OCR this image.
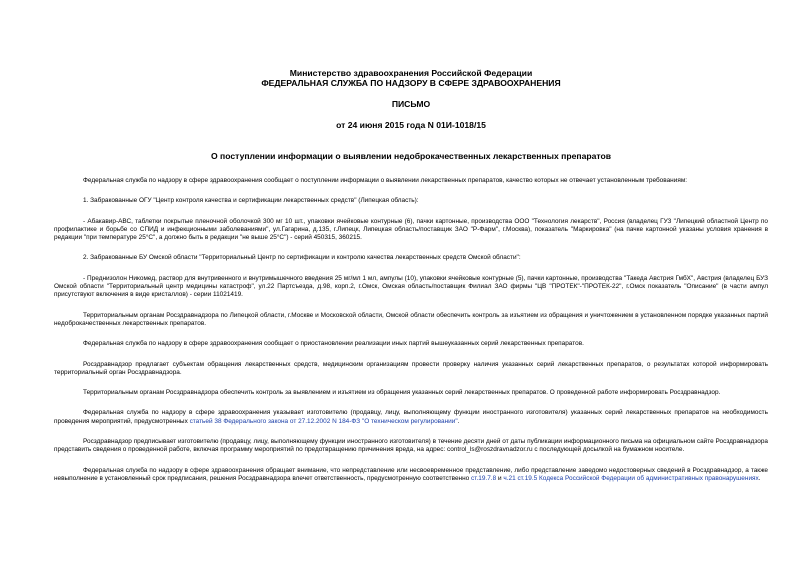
Министерство здравоохранения Российской Федерации
ФЕДЕРАЛЬНАЯ СЛУЖБА ПО НАДЗОРУ В СФЕРЕ ЗДРАВООХРАНЕНИЯ
ПИСЬМО
от 24 июня 2015 года N 01И-1018/15
О поступлении информации о выявлении недоброкачественных лекарственных препаратов

Федеральная служба по надзору в сфере здравоохранения сообщает о поступлении информации о выявлении лекарственных препаратов, качество которых не отвечает установленным требованиям:

1. Забракованные ОГУ "Центр контроля качества и сертификации лекарственных средств" (Липецкая область):

- Абакавир-АВС, таблетки покрытые пленочной оболочкой 300 мг 10 шт., упаковки ячейковые контурные (6), пачки картонные, производства ООО "Технология лекарств", Россия (владелец ГУЗ "Липецкий областной Центр по профилактике и борьбе со СПИД и инфекционными заболеваниями", ул.Гагарина, д.135, г.Липецк, Липецкая область/поставщик ЗАО "Р-Фарм", г.Москва), показатель "Маркировка" (на пачке картонной указаны условия хранения в редакции "при температуре 25°С", а должно быть в редакции "не выше 25°С") - серий 450315, 360215.

2. Забракованные БУ Омской области "Территориальный Центр по сертификации и контролю качества лекарственных средств Омской области":

- Преднизолон Никомед, раствор для внутривенного и внутримышечного введения 25 мг/мл 1 мл, ампулы (10), упаковки ячейковые контурные (5), пачки картонные, производства "Такеда Австрия ГмбХ", Австрия (владелец БУЗ Омской области "Территориальный центр медицины катастроф", ул.22 Партсъезда, д.98, корп.2, г.Омск, Омская область/поставщик Филиал ЗАО фирмы "ЦВ "ПРОТЕК"-"ПРОТЕК-22", г.Омск показатель "Описание" (в части ампул присутствуют включения в виде кристаллов) - серии 11021419.

Территориальным органам Росздравнадзора по Липецкой области, г.Москве и Московской области, Омской области обеспечить контроль за изъятием из обращения и уничтожением в установленном порядке указанных партий недоброкачественных лекарственных препаратов.

Федеральная служба по надзору в сфере здравоохранения сообщает о приостановлении реализации иных партий вышеуказанных серий лекарственных препаратов.

Росздравнадзор предлагает субъектам обращения лекарственных средств, медицинским организациям провести проверку наличия указанных серий лекарственных препаратов, о результатах которой информировать территориальный орган Росздравнадзора.

Территориальным органам Росздравнадзора обеспечить контроль за выявлением и изъятием из обращения указанных серий лекарственных препаратов. О проведенной работе информировать Росздравнадзор.

Федеральная служба по надзору в сфере здравоохранения указывает изготовителю (продавцу, лицу, выполняющему функции иностранного изготовителя) указанных серий лекарственных препаратов на необходимость проведения мероприятий, предусмотренных статьей 38 Федерального закона от 27.12.2002 N 184-ФЗ "О техническом регулировании".

Росздравнадзор предписывает изготовителю (продавцу, лицу, выполняющему функции иностранного изготовителя) в течение десяти дней от даты публикации информационного письма на официальном сайте Росздравнадзора представить сведения о проведенной работе, включая программу мероприятий по предотвращению причинения вреда, на адрес: control_ls@roszdravnadzor.ru с последующей досылкой на бумажном носителе.

Федеральная служба по надзору в сфере здравоохранения обращает внимание, что непредставление или несвоевременное представление, либо представление заведомо недостоверных сведений в Росздравнадзор, а также невыполнение в установленный срок предписания, решения Росздравнадзора влечет ответственность, предусмотренную соответственно ст.19.7.8 и ч.21 ст.19.5 Кодекса Российской Федерации об административных правонарушениях.
